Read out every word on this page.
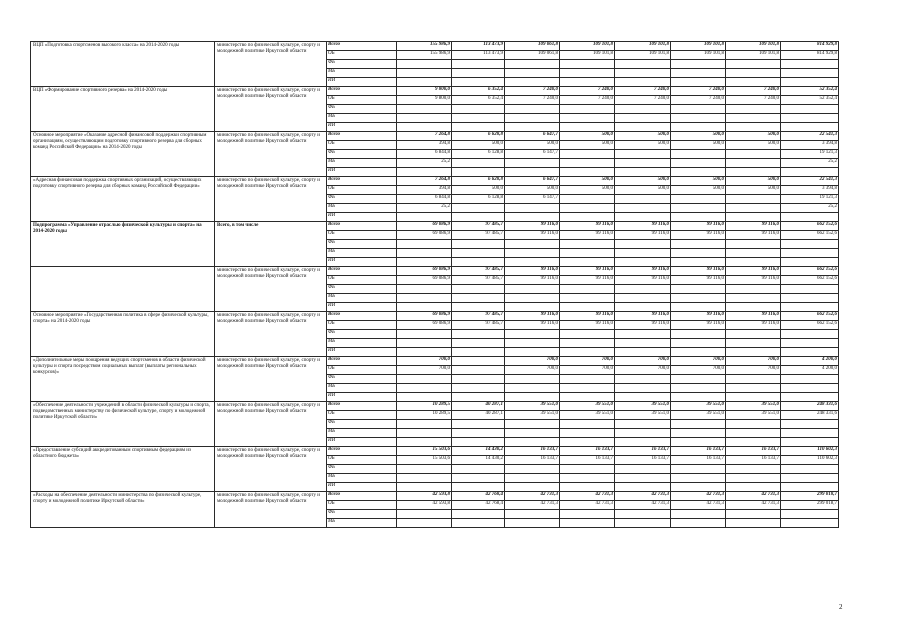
ВЦП «Подготовка спортсменов высокого класса» на 2014-2020 годы	министерство по физической культуре, спорту и молодежной политике Иркутской области	Всего	155 986,9	113 473,9	109 061,8	109 101,8	109 101,8	109 101,8	109 101,8	814 929,8
		ОБ	155 986,9	113 473,9	109 061,8	109 101,8	109 101,8	109 101,8	109 101,8	814 929,8
		ФБ								
		МБ								
		ИИ								
ВЦП «Формирование спортивного резерва» на 2014-2020 годы	министерство по физической культуре, спорту и молодежной политике Иркутской области	Всего	9 800,0	6 352,4	7 240,0	7 240,0	7 240,0	7 240,0	7 240,0	52 352,4
		ОБ	9 800,0	6 352,4	7 240,0	7 240,0	7 240,0	7 240,0	7 240,0	52 352,4
		ФБ								
		МБ								
		ИИ								
Основное мероприятие «Оказание адресной финансовой поддержки спортивным организациям, осуществляющим подготовку спортивного резерва для сборных команд Российской Федерации» на 2014-2020 годы	министерство по физической культуре, спорту и молодежной политике Иркутской области	Всего	7 264,8	6 628,8	6 647,7	500,0	500,0	500,0	500,0	22 541,3
		ОБ	394,8	500,0	500,0	500,0	500,0	500,0	500,0	3 394,8
		ФБ	6 844,8	6 128,8	6 147,7					19 121,3
		МБ	25,2							25,2
		ИИ								
«Адресная финансовая поддержка спортивных организаций, осуществляющих подготовку спортивного резерва для сборных команд Российской Федерации»	министерство по физической культуре, спорту и молодежной политике Иркутской области	Всего	7 264,8	6 628,8	6 647,7	500,0	500,0	500,0	500,0	22 541,3
		ОБ	394,8	500,0	500,0	500,0	500,0	500,0	500,0	3 394,8
		ФБ	6 844,8	6 128,8	6 147,7					19 121,3
		МБ	25,2							25,2
		ИИ								
Подпрограмма «Управление отраслью физической культуры и спорта» на 2014-2020 годы	Всего, в том числе	Всего	69 086,9	97 485,7	99 116,0	99 116,0	99 116,0	99 116,0	99 116,0	662 152,6
		ОБ	69 086,9	97 485,7	99 116,0	99 116,0	99 116,0	99 116,0	99 116,0	662 152,6
		ФБ								
		МБ								
		ИИ								
	министерство по физической культуре, спорту и молодежной политике Иркутской области	Всего	69 086,9	97 485,7	99 116,0	99 116,0	99 116,0	99 116,0	99 116,0	662 152,6
		ОБ	69 086,9	97 485,7	99 116,0	99 116,0	99 116,0	99 116,0	99 116,0	662 152,6
		ФБ								
		МБ								
		ИИ								
Основное мероприятие «Государственная политика в сфере физической культуры, спорта» на 2014-2020 годы	министерство по физической культуре, спорту и молодежной политике Иркутской области	Всего	69 086,9	97 485,7	99 116,0	99 116,0	99 116,0	99 116,0	99 116,0	662 152,6
		ОБ	69 086,9	97 485,7	99 116,0	99 116,0	99 116,0	99 116,0	99 116,0	662 152,6
		ФБ								
		МБ								
		ИИ								
«Дополнительные меры поощрения ведущих спортсменов в области физической культуры и спорта посредством социальных выплат (выплаты региональных конкурсов)»	министерство по физической культуре, спорту и молодежной политике Иркутской области	Всего	700,0		700,0	700,0	700,0	700,0	700,0	4 200,0
		ОБ	700,0		700,0	700,0	700,0	700,0	700,0	4 200,0
		ФБ								
		МБ								
		ИИ								
«Обеспечение деятельности учреждений в области физической культуры и спорта, подведомственных министерству по физической культуре, спорту и молодежной политике Иркутской области»	министерство по физической культуре, спорту и молодежной политике Иркутской области	Всего	10 289,5	40 287,1	39 551,0	39 551,0	39 551,0	39 551,0	39 551,0	248 331,6
		ОБ	10 289,5	40 287,1	39 551,0	39 551,0	39 551,0	39 551,0	39 551,0	248 331,6
		ФБ								
		МБ								
		ИИ								
«Предоставление субсидий аккредитованным спортивным федерациям из областного бюджета»	министерство по физической культуре, спорту и молодежной политике Иркутской области	Всего	15 503,6	14 430,2	16 133,7	16 133,7	16 133,7	16 133,7	16 133,7	110 602,3
		ОБ	15 503,6	14 430,2	16 133,7	16 133,7	16 133,7	16 133,7	16 133,7	110 602,3
		ФБ								
		МБ								
		ИИ								
«Расходы на обеспечение деятельности министерства по физической культуре, спорту и молодежной политике Иркутской области»	министерство по физической культуре, спорту и молодежной политике Иркутской области	Всего	42 593,8	42 768,4	42 731,3	42 731,3	42 731,3	42 731,3	42 731,3	299 018,7
		ОБ	42 593,8	42 768,4	42 731,3	42 731,3	42 731,3	42 731,3	42 731,3	299 018,7
		ФБ								
		МБ								
2
